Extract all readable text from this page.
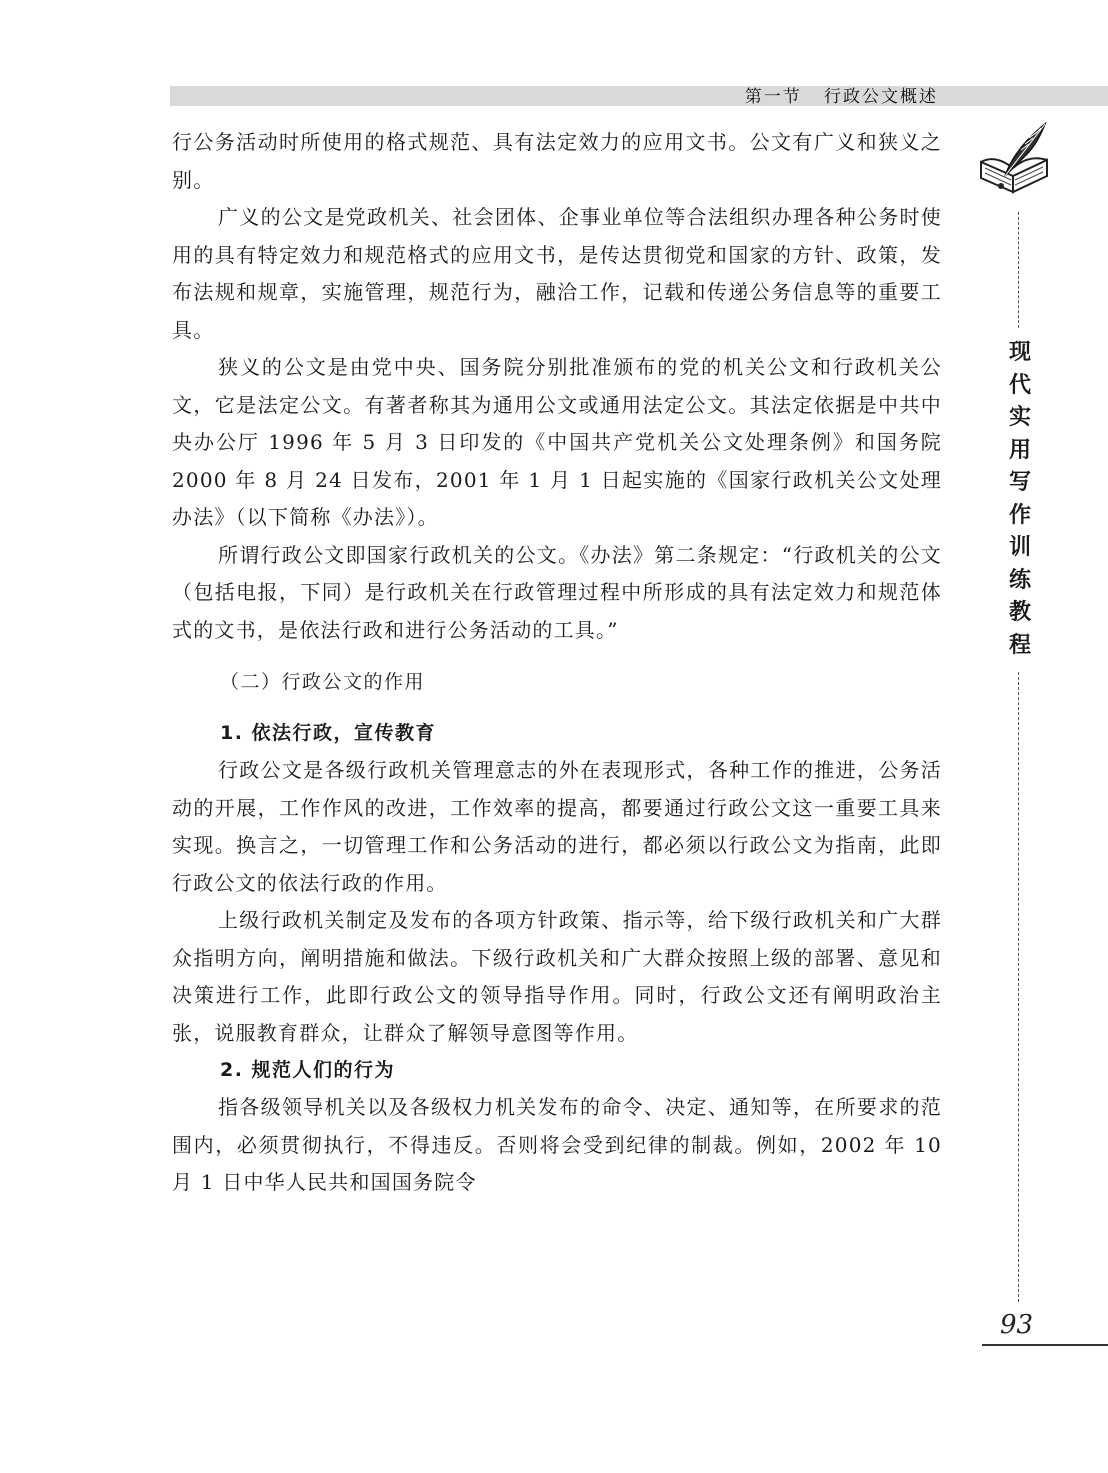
第一节 行政公文概述

行公务活动时所使用的格式规范、具有法定效力的应用文书。公文有广义和狭义之别。

广义的公文是党政机关、社会团体、企事业单位等合法组织办理各种公务时使用的具有特定效力和规范格式的应用文书，是传达贯彻党和国家的方针、政策，发布法规和规章，实施管理，规范行为，融洽工作，记载和传递公务信息等的重要工具。

狭义的公文是由党中央、国务院分别批准颁布的党的机关公文和行政机关公文，它是法定公文。有著者称其为通用公文或通用法定公文。其法定依据是中共中央办公厅 1996 年 5 月 3 日印发的《中国共产党机关公文处理条例》和国务院 2000 年 8 月 24 日发布，2001 年 1 月 1 日起实施的《国家行政机关公文处理办法》（以下简称《办法》）。

所谓行政公文即国家行政机关的公文。《办法》第二条规定：“行政机关的公文（包括电报，下同）是行政机关在行政管理过程中所形成的具有法定效力和规范体式的文书，是依法行政和进行公务活动的工具。”

（二）行政公文的作用

1. 依法行政，宣传教育

行政公文是各级行政机关管理意志的外在表现形式，各种工作的推进，公务活动的开展，工作作风的改进，工作效率的提高，都要通过行政公文这一重要工具来实现。换言之，一切管理工作和公务活动的进行，都必须以行政公文为指南，此即行政公文的依法行政的作用。

上级行政机关制定及发布的各项方针政策、指示等，给下级行政机关和广大群众指明方向，阐明措施和做法。下级行政机关和广大群众按照上级的部署、意见和决策进行工作，此即行政公文的领导指导作用。同时，行政公文还有阐明政治主张，说服教育群众，让群众了解领导意图等作用。

2. 规范人们的行为

指各级领导机关以及各级权力机关发布的命令、决定、通知等，在所要求的范围内，必须贯彻执行，不得违反。否则将会受到纪律的制裁。例如，2002 年 10 月 1 日中华人民共和国国务院令

现
代
实
用
写
作
训
练
教
程
93
